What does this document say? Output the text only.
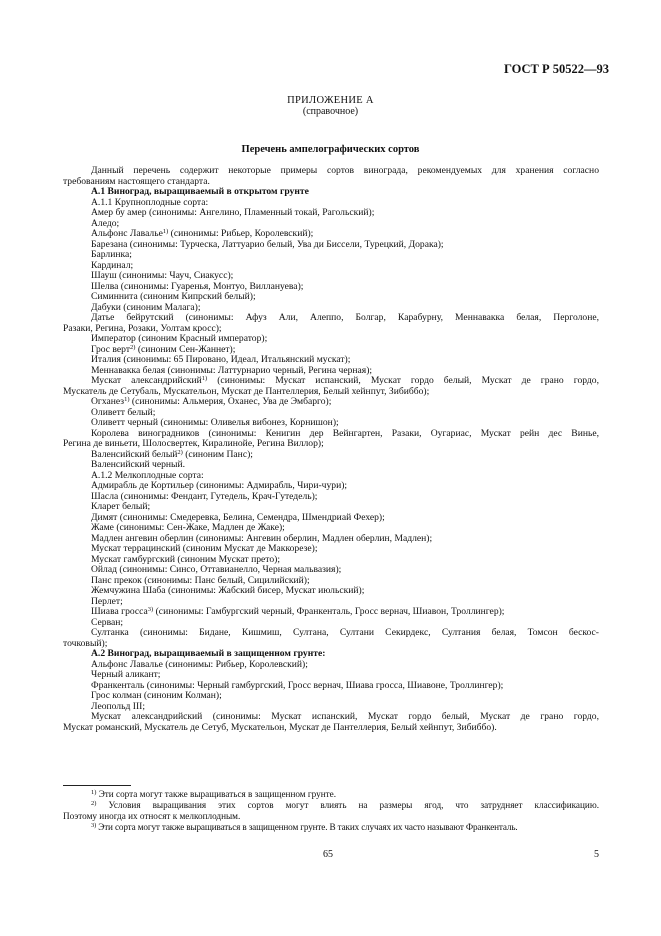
ГОСТ Р 50522—93
ПРИЛОЖЕНИЕ А
(справочное)
Перечень ампелографических сортов
Данный перечень содержит некоторые примеры сортов винограда, рекомендуемых для хранения согласно
требованиям настоящего стандарта.
А.1 Виноград, выращиваемый в открытом грунте
А.1.1 Крупноплодные сорта:
Амер бу амер (синонимы: Ангелино, Пламенный токай, Рагольский);
Аледо;
Альфонс Лавалье$^{1)}$ (синонимы: Рибьер, Королевский);
Барезана (синонимы: Турческа, Латтуарио белый, Ува ди Биссели, Турецкий, Дорака);
Барлинка;
Кардинал;
Шауш (синонимы: Чауч, Сиакусс);
Шелва (синонимы: Гуаренья, Монтуо, Виллануева);
Симиннита (синоним Кипрский белый);
Дабуки (синоним Малага);
Датье бейрутский (синонимы: Афуз Али, Алеппо, Болгар, Карабурну, Меннавакка белая, Перголоне,
Разаки, Регина, Розаки, Уолтам кросс);
Император (синоним Красный император);
Грос верт$^{2)}$ (синоним Сен-Жаннет);
Италия (синонимы: 65 Пировано, Идеал, Итальянский мускат);
Меннавакка белая (синонимы: Латтурнарио черный, Регина черная);
Мускат александрийский$^{1)}$ (синонимы: Мускат испанский, Мускат гордо белый, Мускат де грано гордо,
Мускатель де Сетубаль, Мускательон, Мускат де Пантеллерия, Белый хейнпут, Зибиббо);
Огханез$^{1)}$ (синонимы: Альмерия, Оханес, Ува де Эмбарго);
Оливетт белый;
Оливетт черный (синонимы: Оливелья вибонез, Корнишон);
Королева виноградников (синонимы: Кенигин дер Вейнгартен, Разаки, Оугариас, Мускат рейн дес Винье,
Регина де виньети, Шолосвертек, Киралинойе, Регина Виллор);
Валенсийский белый$^{2)}$ (синоним Панс);
Валенсийский черный.
А.1.2 Мелкоплодные сорта:
Адмирабль де Кортильер (синонимы: Адмирабль, Чири-чури);
Шасла (синонимы: Фендант, Гутедель, Крач-Гутедель);
Кларет белый;
Димят (синонимы: Смедеревка, Белина, Семендра, Шмендриай Фехер);
Жаме (синонимы: Сен-Жаке, Мадлен де Жаке);
Мадлен ангевин оберлин (синонимы: Ангевин оберлин, Мадлен оберлин, Мадлен);
Мускат террацинский (синоним Мускат де Маккорезе);
Мускат гамбургский (синоним Мускат прето);
Ойлад (синонимы: Синсо, Оттавианелло, Черная мальвазия);
Панс прекок (синонимы: Панс белый, Сицилийский);
Жемчужина Шаба (синонимы: Жабский бисер, Мускат июльский);
Перлет;
Шиава гросса$^{3)}$ (синонимы: Гамбургский черный, Франкенталь, Гросс вернач, Шиавон, Троллингер);
Серван;
Султанка (синонимы: Бидане, Кишмиш, Султана, Султани Секирдекс, Султания белая, Томсон бескос-
точковый);
А.2 Виноград, выращиваемый в защищенном грунте:
Альфонс Лавалье (синонимы: Рибьер, Королевский);
Черный аликант;
Франкенталь (синонимы: Черный гамбургский, Гросс вернач, Шиава гросса, Шиавоне, Троллингер);
Грос колман (синоним Колман);
Леопольд III;
Мускат александрийский (синонимы: Мускат испанский, Мускат гордо белый, Мускат де грано гордо,
Мускат романский, Мускатель де Сетуб, Мускательон, Мускат де Пантеллерия, Белый хейнпут, Зибиббо).
$^{1)}$ Эти сорта могут также выращиваться в защищенном грунте.
$^{2)}$ Условия выращивания этих сортов могут влиять на размеры ягод, что затрудняет классификацию.
Поэтому иногда их относят к мелкоплодным.
$^{3)}$ Эти сорта могут также выращиваться в защищенном грунте. В таких случаях их часто называют Франкенталь.
65	5
